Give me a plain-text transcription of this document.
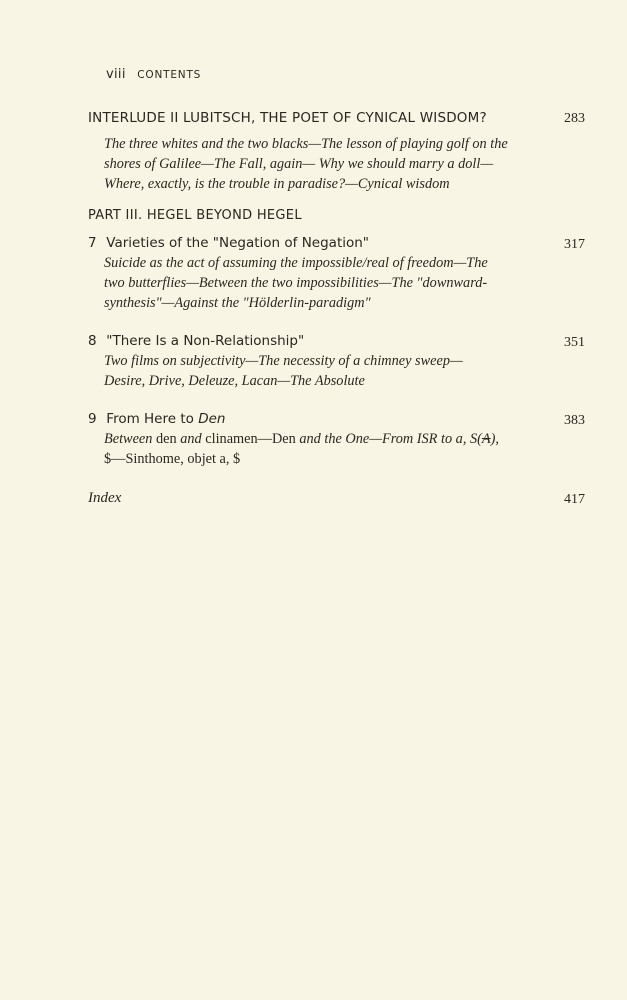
viii CONTENTS
INTERLUDE II LUBITSCH, THE POET OF CYNICAL WISDOM?	283
The three whites and the two blacks—The lesson of playing golf on the
shores of Galilee—The Fall, again— Why we should marry a doll—
Where, exactly, is the trouble in paradise?—Cynical wisdom
PART III. HEGEL BEYOND HEGEL
7 Varieties of the "Negation of Negation"	317
Suicide as the act of assuming the impossible/real of freedom—The
two butterflies—Between the two impossibilities—The "downward-
synthesis"—Against the "Hölderlin-paradigm"
8 "There Is a Non-Relationship"	351
Two films on subjectivity—The necessity of a chimney sweep—
Desire, Drive, Deleuze, Lacan—The Absolute
9 From Here to Den	383
Between den and clinamen—Den and the One—From ISR to a, S(A),
$—Sinthome, objet a, $
Index	417
